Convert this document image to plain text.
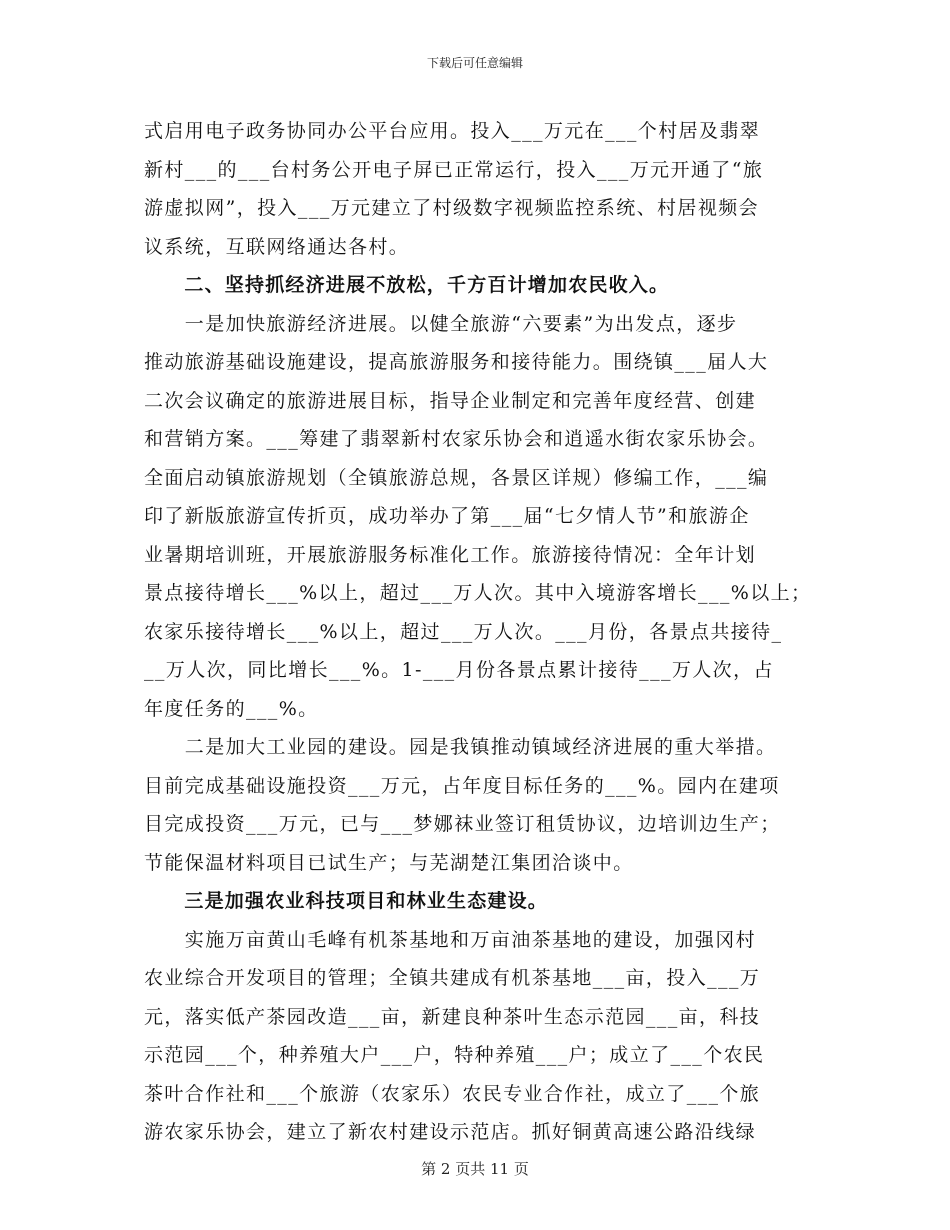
下载后可任意编辑
式启用电子政务协同办公平台应用。投入___万元在___个村居及翡翠
新村___的___台村务公开电子屏已正常运行，投入___万元开通了“旅
游虚拟网”，投入___万元建立了村级数字视频监控系统、村居视频会
议系统，互联网络通达各村。
　　二、坚持抓经济进展不放松，千方百计增加农民收入。
　　一是加快旅游经济进展。以健全旅游“六要素”为出发点，逐步
推动旅游基础设施建设，提高旅游服务和接待能力。围绕镇___届人大
二次会议确定的旅游进展目标，指导企业制定和完善年度经营、创建
和营销方案。___筹建了翡翠新村农家乐协会和逍遥水街农家乐协会。
全面启动镇旅游规划（全镇旅游总规，各景区详规）修编工作，___编
印了新版旅游宣传折页，成功举办了第___届“七夕情人节”和旅游企
业暑期培训班，开展旅游服务标准化工作。旅游接待情况：全年计划
景点接待增长___%以上，超过___万人次。其中入境游客增长___%以上；
农家乐接待增长___%以上，超过___万人次。___月份，各景点共接待_
__万人次，同比增长___%。1-___月份各景点累计接待___万人次，占
年度任务的___%。
　　二是加大工业园的建设。园是我镇推动镇域经济进展的重大举措。
目前完成基础设施投资___万元，占年度目标任务的___%。园内在建项
目完成投资___万元，已与___梦娜袜业签订租赁协议，边培训边生产；
节能保温材料项目已试生产；与芜湖楚江集团洽谈中。
　　三是加强农业科技项目和林业生态建设。
　　实施万亩黄山毛峰有机茶基地和万亩油茶基地的建设，加强冈村
农业综合开发项目的管理；全镇共建成有机茶基地___亩，投入___万
元，落实低产茶园改造___亩，新建良种茶叶生态示范园___亩，科技
示范园___个，种养殖大户___户，特种养殖___户；成立了___个农民
茶叶合作社和___个旅游（农家乐）农民专业合作社，成立了___个旅
游农家乐协会，建立了新农村建设示范店。抓好铜黄高速公路沿线绿
第 2 页共 11 页
